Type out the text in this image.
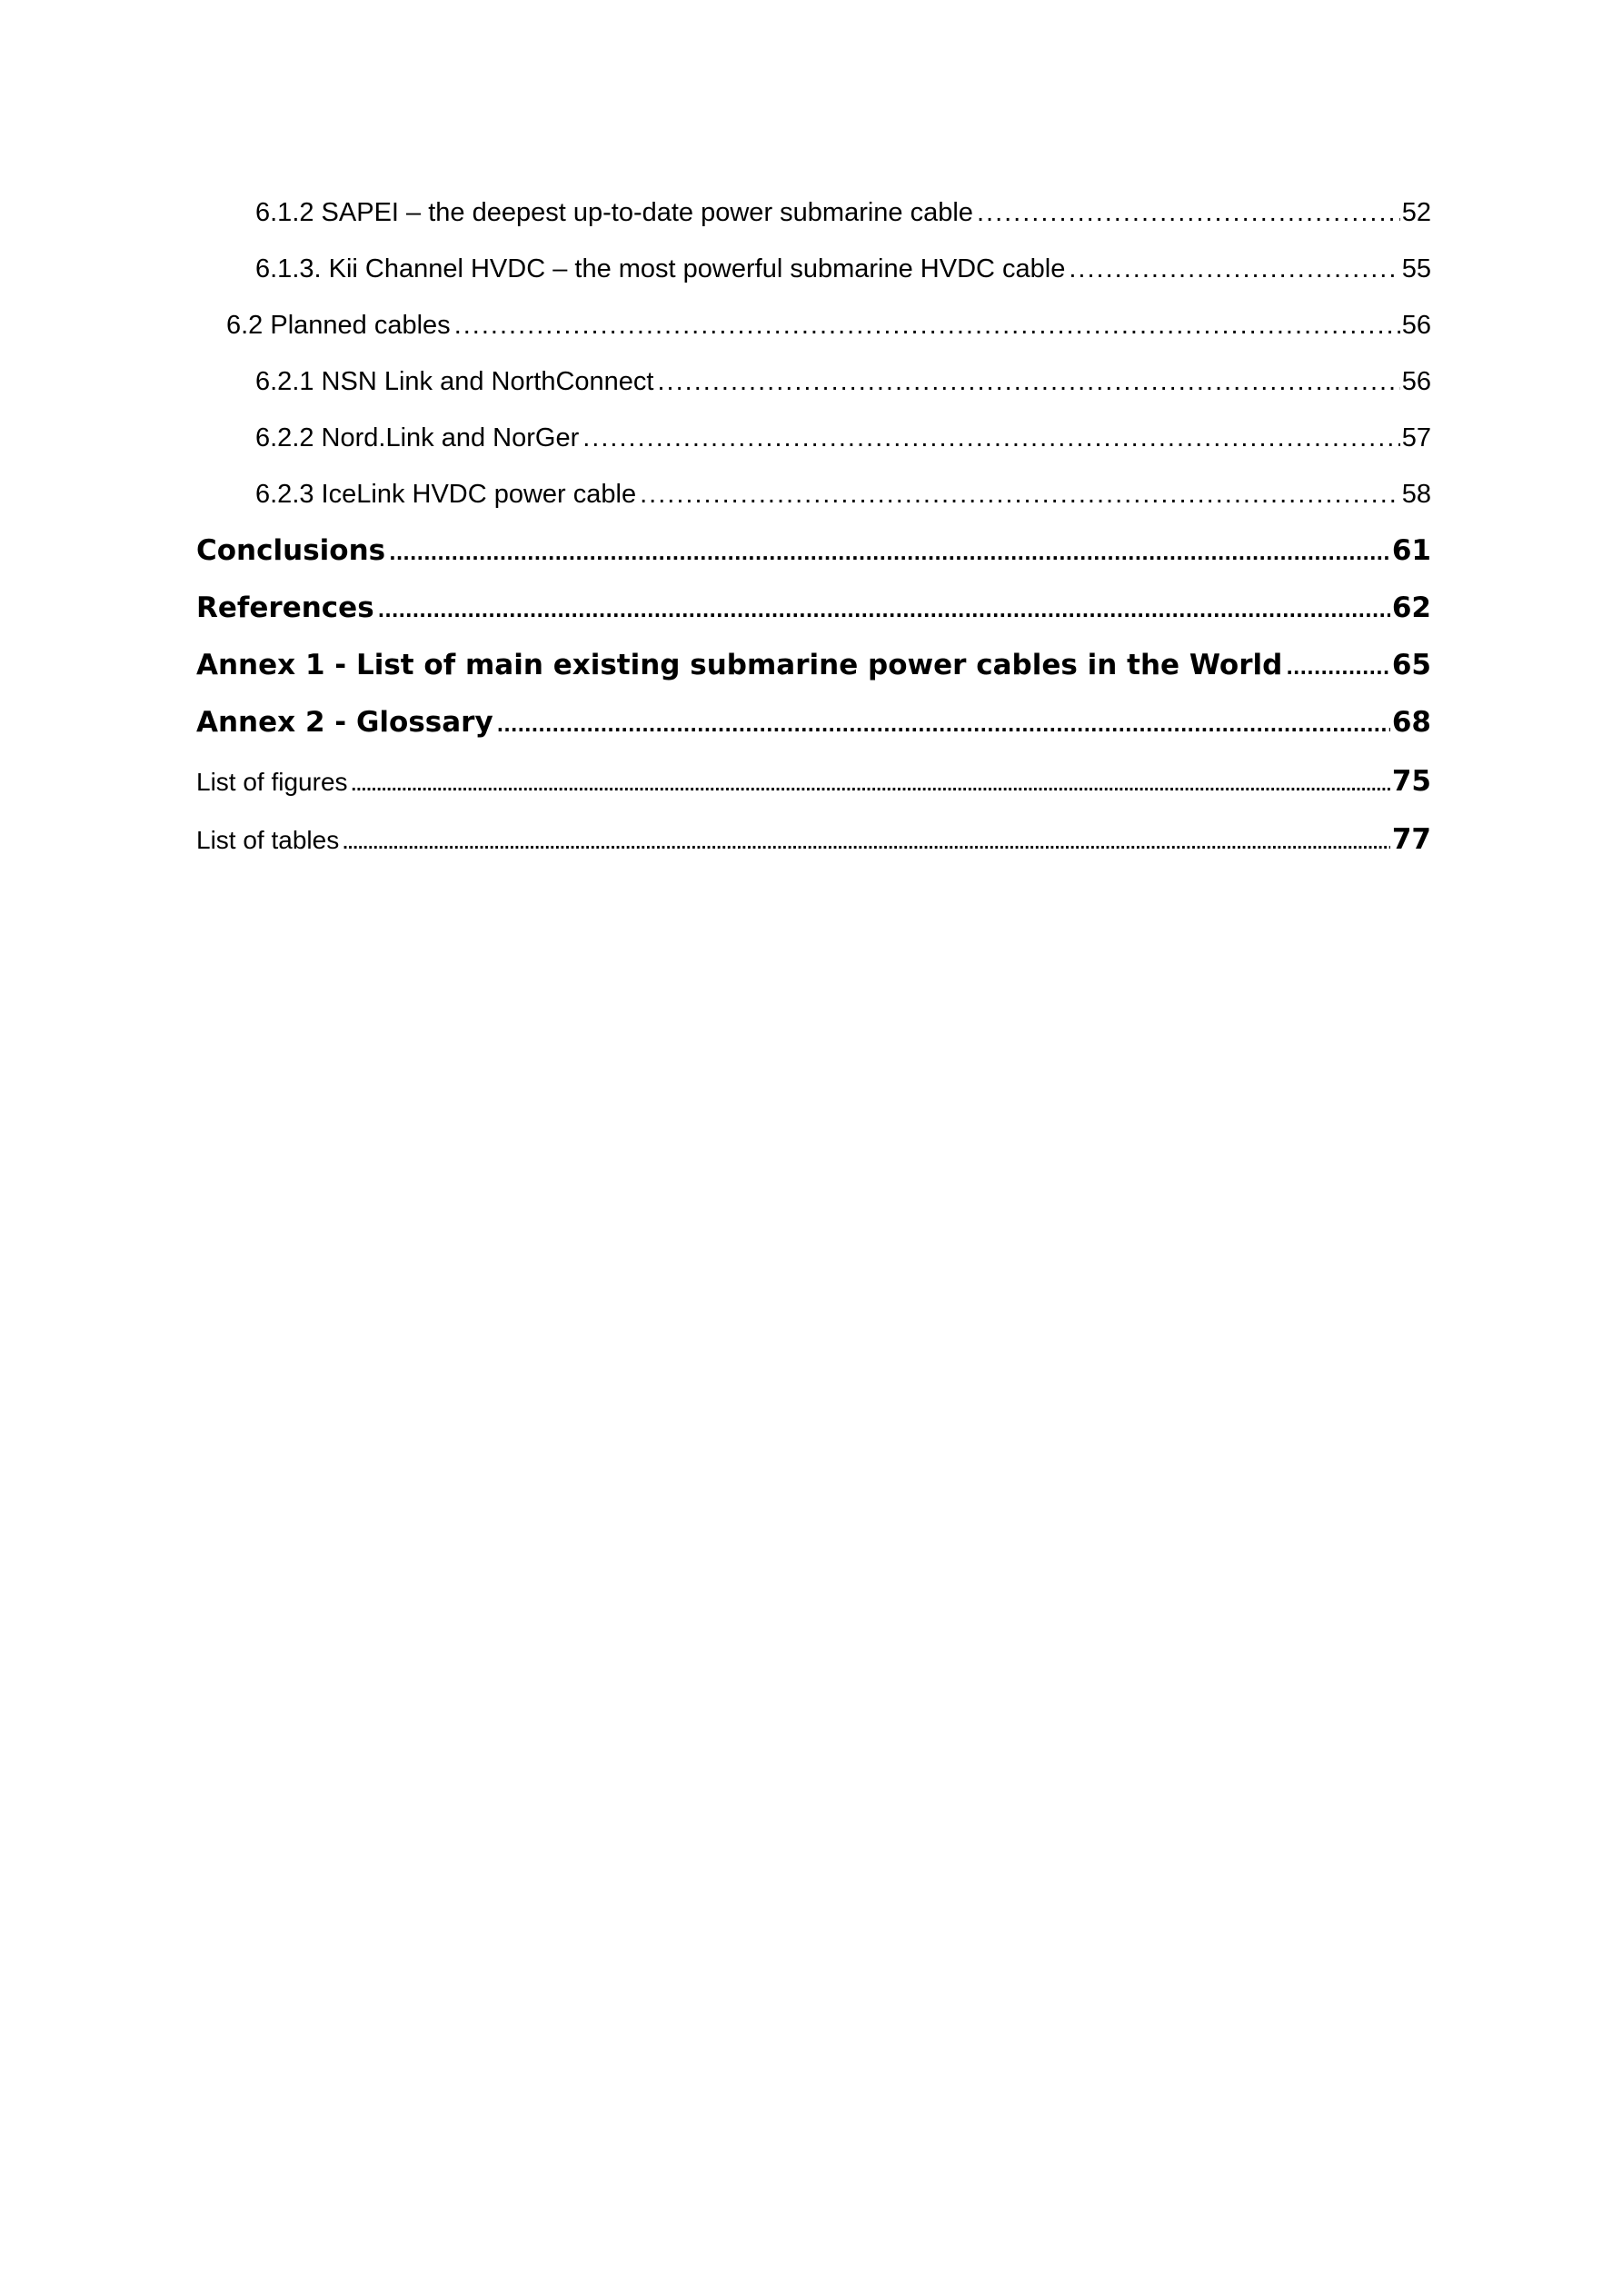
6.1.2 SAPEI – the deepest up-to-date power submarine cable .....	52
6.1.3. Kii Channel HVDC – the most powerful submarine HVDC cable .....	55
6.2 Planned cables .....	56
6.2.1 NSN Link and NorthConnect .....	56
6.2.2 Nord.Link and NorGer .....	57
6.2.3 IceLink HVDC power cable .....	58
Conclusions .....	61
References .....	62
Annex 1 - List of main existing submarine power cables in the World .....	65
Annex 2 - Glossary .....	68
List of figures .....	75
List of tables .....	77
